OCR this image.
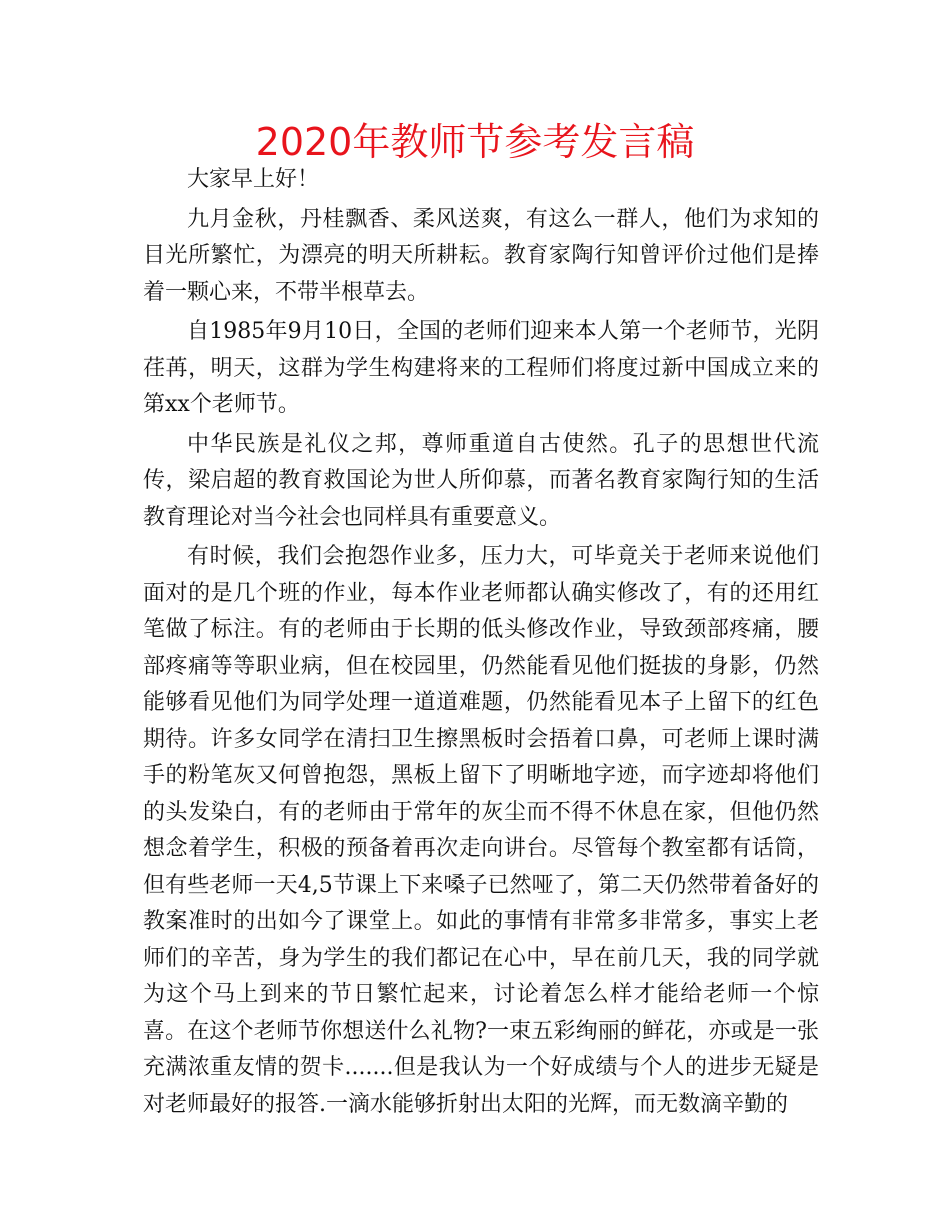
2020年教师节参考发言稿

大家早上好！

九月金秋，丹桂飘香、柔风送爽，有这么一群人，他们为求知的目光所繁忙，为漂亮的明天所耕耘。教育家陶行知曾评价过他们是捧着一颗心来，不带半根草去。

自1985年9月10日，全国的老师们迎来本人第一个老师节，光阴荏苒，明天，这群为学生构建将来的工程师们将度过新中国成立来的第xx个老师节。

中华民族是礼仪之邦，尊师重道自古使然。孔子的思想世代流传，梁启超的教育救国论为世人所仰慕，而著名教育家陶行知的生活教育理论对当今社会也同样具有重要意义。

有时候，我们会抱怨作业多，压力大，可毕竟关于老师来说他们面对的是几个班的作业，每本作业老师都认确实修改了，有的还用红笔做了标注。有的老师由于长期的低头修改作业，导致颈部疼痛，腰部疼痛等等职业病，但在校园里，仍然能看见他们挺拔的身影，仍然能够看见他们为同学处理一道道难题，仍然能看见本子上留下的红色期待。许多女同学在清扫卫生擦黑板时会捂着口鼻，可老师上课时满手的粉笔灰又何曾抱怨，黑板上留下了明晰地字迹，而字迹却将他们的头发染白，有的老师由于常年的灰尘而不得不休息在家，但他仍然想念着学生，积极的预备着再次走向讲台。尽管每个教室都有话筒，但有些老师一天4,5节课上下来嗓子已然哑了，第二天仍然带着备好的教案准时的出如今了课堂上。如此的事情有非常多非常多，事实上老师们的辛苦，身为学生的我们都记在心中，早在前几天，我的同学就为这个马上到来的节日繁忙起来，讨论着怎么样才能给老师一个惊喜。在这个老师节你想送什么礼物?一束五彩绚丽的鲜花，亦或是一张充满浓重友情的贺卡.......但是我认为一个好成绩与个人的进步无疑是对老师最好的报答.一滴水能够折射出太阳的光辉，而无数滴辛勤的
